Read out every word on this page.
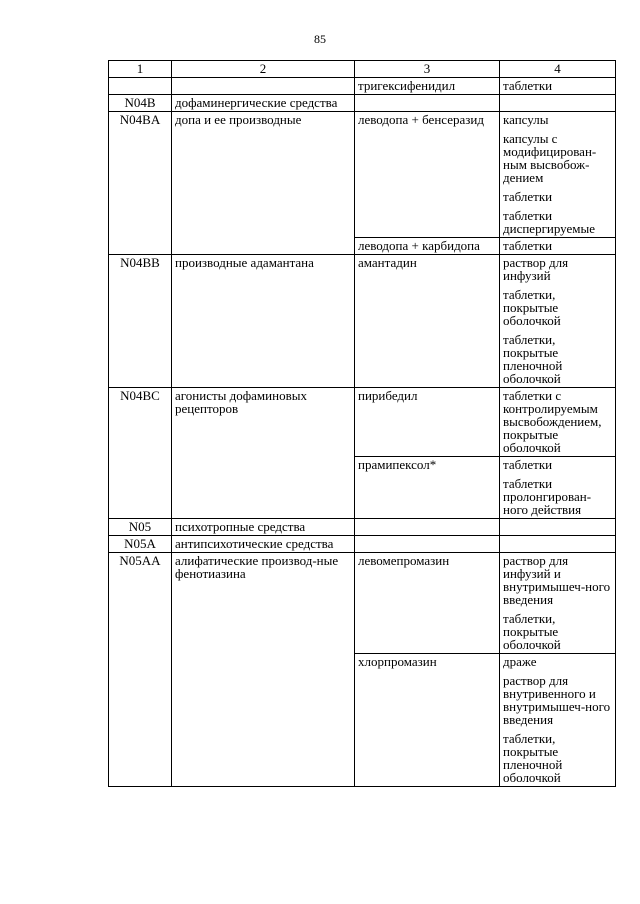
85
1	2	3	4
		тригексифенидил	таблетки

N04B	дофаминергические средства		
N04BA	допа и ее производные	леводопа + бенсеразид	капсулы
капсулы с модифицирован-ным высвобож-дением
таблетки
таблетки диспергируемые

		леводопа + карбидопа	таблетки

N04BB	производные адамантана	амантадин	раствор для инфузий
таблетки, покрытые оболочкой
таблетки, покрытые пленочной оболочкой

N04BC	агонисты дофаминовых рецепторов	пирибедил	таблетки с контролируемым высвобождением, покрытые оболочкой

		прамипексол*	таблетки
таблетки пролонгирован-ного действия

N05	психотропные средства		
N05A	антипсихотические средства		
N05AA	алифатические производ-ные фенотиазина	левомепромазин	раствор для инфузий и внутримышеч-ного введения
таблетки, покрытые оболочкой

		хлорпромазин	драже
раствор для внутривенного и внутримышеч-ного введения
таблетки, покрытые пленочной оболочкой
